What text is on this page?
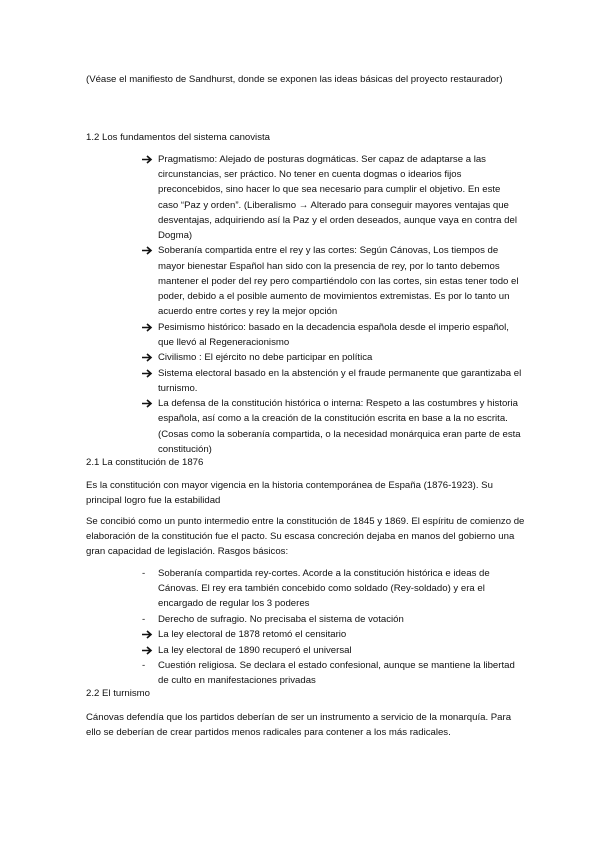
(Véase el manifiesto de Sandhurst, donde se exponen las ideas básicas del proyecto restaurador)

1.2 Los fundamentos del sistema canovista

Pragmatismo: Alejado de posturas dogmáticas. Ser capaz de adaptarse a las circunstancias, ser práctico. No tener en cuenta dogmas o idearios fijos preconcebidos, sino hacer lo que sea necesario para cumplir el objetivo. En este caso “Paz y orden”. (Liberalismo → Alterado para conseguir mayores ventajas que desventajas, adquiriendo así la Paz y el orden deseados, aunque vaya en contra del Dogma)
Soberanía compartida entre el rey y las cortes: Según Cánovas, Los tiempos de mayor bienestar Español han sido con la presencia de rey, por lo tanto debemos mantener el poder del rey pero compartiéndolo con las cortes, sin estas tener todo el poder, debido a el posible aumento de movimientos extremistas. Es por lo tanto un acuerdo entre cortes y rey la mejor opción
Pesimismo histórico: basado en la decadencia española desde el imperio español, que llevó al Regeneracionismo
Civilismo : El ejército no debe participar en política
Sistema electoral basado en la abstención y el fraude permanente que garantizaba el turnismo.
La defensa de la constitución histórica o interna: Respeto a las costumbres y historia española, así como a la creación de la constitución escrita en base a la no escrita. (Cosas como la soberanía compartida, o la necesidad monárquica eran parte de esta constitución)

2.1 La constitución de 1876

Es la constitución con mayor vigencia en la historia contemporánea de España (1876-1923). Su principal logro fue la estabilidad

Se concibió como un punto intermedio entre la constitución de 1845 y 1869. El espíritu de comienzo de elaboración de la constitución fue el pacto. Su escasa concreción dejaba en manos del gobierno una gran capacidad de legislación. Rasgos básicos:

-	Soberanía compartida rey-cortes. Acorde a la constitución histórica e ideas de Cánovas. El rey era también concebido como soldado (Rey-soldado) y era el encargado de regular los 3 poderes
-	Derecho de sufragio. No precisaba el sistema de votación
La ley electoral de 1878 retomó el censitario
La ley electoral de 1890 recuperó el universal
-	Cuestión religiosa. Se declara el estado confesional, aunque se mantiene la libertad de culto en manifestaciones privadas

2.2 El turnismo

Cánovas defendía que los partidos deberían de ser un instrumento a servicio de la monarquía. Para ello se deberían de crear partidos menos radicales para contener a los más radicales.
